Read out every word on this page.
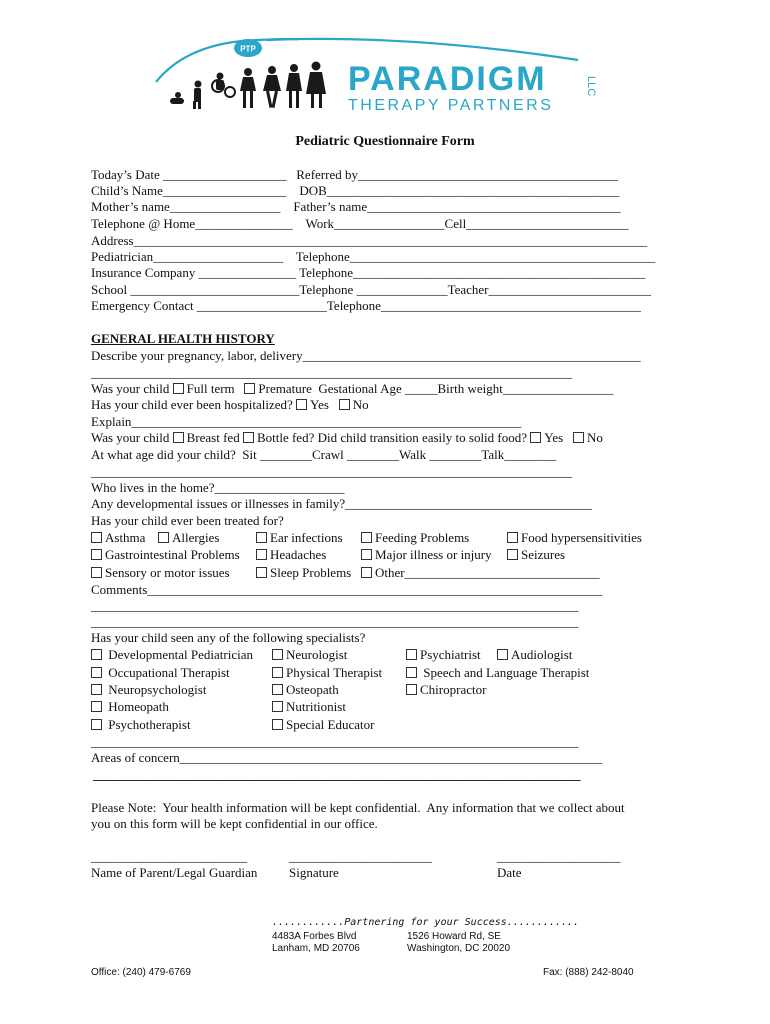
PTP
PARADIGM
THERAPY PARTNERS
LLC
Pediatric Questionnaire Form
Today’s Date ___________________   Referred by________________________________________
Child’s Name___________________    DOB_____________________________________________
Mother’s name_________________    Father’s name_______________________________________
Telephone @ Home_______________    Work_________________Cell_________________________
Address_______________________________________________________________________________
Pediatrician____________________    Telephone_______________________________________________
Insurance Company _______________ Telephone_____________________________________________
School __________________________Telephone ______________Teacher_________________________
Emergency Contact ____________________Telephone________________________________________
GENERAL HEALTH HISTORY
Describe your pregnancy, labor, delivery____________________________________________________
__________________________________________________________________________
Was your child Full term Premature  Gestational Age _____Birth weight_________________
Has your child ever been hospitalized? Yes No
Explain____________________________________________________________
Was your child Breast fed Bottle fed? Did child transition easily to solid food? Yes No
At what age did your child?  Sit ________Crawl ________Walk ________Talk________
__________________________________________________________________________
Who lives in the home?____________________
Any developmental issues or illnesses in family?______________________________________
Has your child ever been treated for?
Asthma	Allergies	Ear infections	Feeding Problems	Food hypersensitivities
Gastrointestinal Problems	Headaches	Major illness or injury	Seizures
Sensory or motor issues	Sleep Problems	Other______________________________
Comments______________________________________________________________________
___________________________________________________________________________
___________________________________________________________________________
Has your child seen any of the following specialists?
Developmental Pediatrician	Neurologist	Psychiatrist	Audiologist
Occupational Therapist	Physical Therapist	Speech and Language Therapist
Neuropsychologist	Osteopath	Chiropractor
Homeopath	Nutritionist
Psychotherapist	Special Educator
___________________________________________________________________________
Areas of concern_________________________________________________________________
___________________________________________________________________________
Please Note:  Your health information will be kept confidential.  Any information that we collect about
you on this form will be kept confidential in our office.
________________________	______________________	___________________
Name of Parent/Legal Guardian Signature	Date
............Partnering for your Success............
4483A Forbes Blvd
Lanham, MD 20706
1526 Howard Rd, SE
Washington, DC 20020
Office: (240) 479-6769	Fax: (888) 242-8040
